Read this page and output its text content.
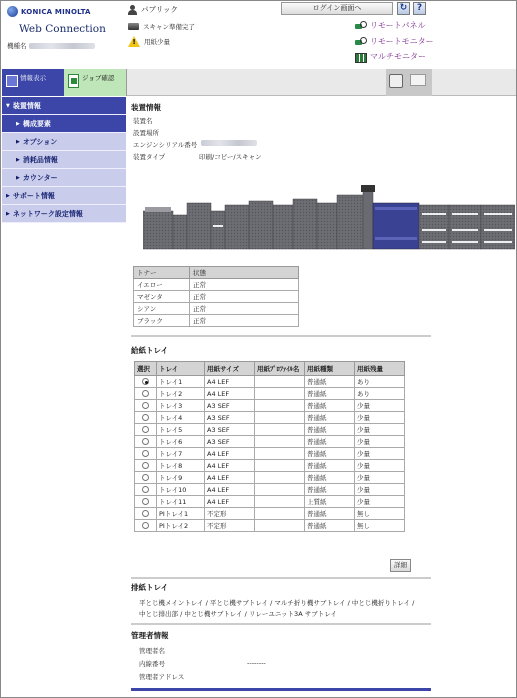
KONICA MINOLTA
Web Connection
機種名
パブリック	ログイン画面へ	↻	?
スキャン準備完了
!
用紙少量
リモートパネル
リモートモニター
マルチモニター
情報表示	ジョブ確認
▼ 装置情報
▶ 構成要素
▶ オプション
▶ 消耗品情報
▶ カウンター
▶ サポート情報
▶ ネットワーク設定情報
装置情報
装置名
設置場所
エンジンシリアル番号
装置タイプ	印刷/コピー/スキャン
トナー	状態
イエロー	正常
マゼンタ	正常
シアン	正常
ブラック	正常
給紙トレイ
選択	トレイ	用紙サイズ	用紙ﾌﾟﾛﾌｧｲﾙ名	用紙種類	用紙残量
	トレイ1	A4 LEF		普通紙	あり
	トレイ2	A4 LEF		普通紙	あり
	トレイ3	A3 SEF		普通紙	少量
	トレイ4	A3 SEF		普通紙	少量
	トレイ5	A3 SEF		普通紙	少量
	トレイ6	A3 SEF		普通紙	少量
	トレイ7	A4 LEF		普通紙	少量
	トレイ8	A4 LEF		普通紙	少量
	トレイ9	A4 LEF		普通紙	少量
	トレイ10	A4 LEF		普通紙	少量
	トレイ11	A4 LEF		上質紙	少量
	PIトレイ1	不定形		普通紙	無し
	PIトレイ2	不定形		普通紙	無し
詳細
排紙トレイ
平とじ機メイントレイ / 平とじ機サブトレイ / マルチ折り機サブトレイ / 中とじ機折りトレイ / 中とじ排出部 / 中とじ機サブトレイ / リレーユニット3A サブトレイ
管理者情報
管理者名
内線番号	--------
管理者アドレス
